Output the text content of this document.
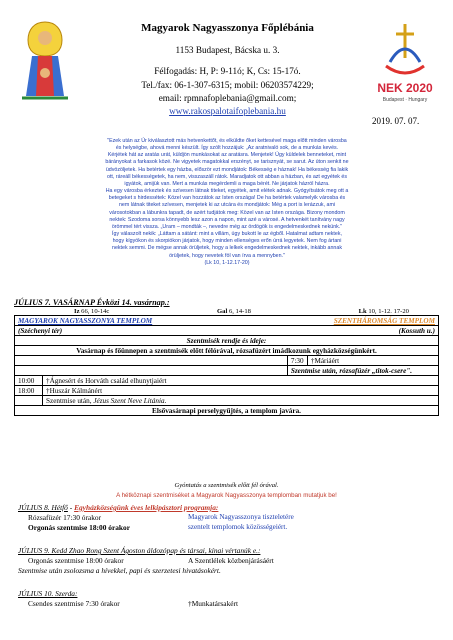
Magyarok Nagyasszonya Főplébánia
1153 Budapest, Bácska u. 3.
Félfogadás: H, P: 9-11ó; K, Cs: 15-17ó.
Tel./fax: 06-1-307-6315; mobil: 06203574229;
email: rpmnafoplebania@gmail.com;
www.rakospalotaifoplebania.hu
NEK 2020
Budapest · Hungary
2019. 07. 07.

"Ezek után az Úr kiválasztott más hetvenkettőt, és elküldte őket kettesével maga előtt minden városba

és helységbe, ahová menni készült. Így szólt hozzájuk: „Az aratnivaló sok, de a munkás kevés.

Kérjétek hát az aratás urát, küldjön munkásokat az aratásra. Menjetek! Úgy küldelek benneteket, mint

bárányokat a farkasok közé. Ne vigyetek magatokkal erszényt, se tarisznyát, se sarut. Az úton senkit ne

üdvözöljetek. Ha betértek egy házba, először ezt mondjátok: Békesség e háznak! Ha békesség fia lakik

ott, ráreáll békességetek, ha nem, visszaszáll rátok. Maradjatok ott abban a házban, és azt egyétek és

igyátok, amijük van. Mert a munkás megérdemli a maga bérét. Ne járjatok házról házra.

Ha egy városba érkeztek és szívesen látnak titeket, egyétek, amit elétek adnak. Gyógyítsátok meg ott a

betegeket s hirdessétek: Közel van hozzátok az Isten országa! De ha betértek valamelyik városba és

nem látnak titeket szívesen, menjetek ki az utcára és mondjátok: Még a port is lerázzuk, ami

városotokban a lábunkra tapadt, de azért tudjátok meg: Közel van az Isten országa. Bizony mondom

nektek: Szodoma sorsa könnyebb lesz azon a napon, mint azé a városé. A hetvenkét tanítvány nagy

örömmel tért vissza. „Uram – mondták –, nevedre még az ördögök is engedelmeskednek nekünk."

Így válaszolt nekik: „Láttam a sátánt: mint a villám, úgy bukott le az égből. Hatalmat adtam nektek,

hogy kígyókon és skorpiókon járjatok, hogy minden ellenséges erőn úrrá legyetek. Nem fog ártani

nektek semmi. De mégse annak örüljetek, hogy a lelkek engedelmeskednek nektek, inkább annak

örüljetek, hogy nevetek föl van írva a mennyben."

(Lk 10, 1-12.17-20)

JÚLIUS 7. VASÁRNAP Évközi 14. vasárnap.:
Iz 66, 10-14c	Gal 6, 14-18	Lk 10, 1-12. 17-20
MAGYAROK NAGYASSZONYA TEMPLOM			SZENTHÁROMSÁG TEMPLOM
(Széchenyi tér)			(Kossuth u.)
Szentmisék rendje és ideje:			
Vasárnap és főünnepen a szentmisék előtt félórával, rózsafüzért imádkozunk egyházközségünkért.			
		7:30	†Máriáért
		Szentmise után, rózsafüzér „titok-csere".	
10:00	†Ágnesért és Horváth család elhunytjaiért		
18:00	†Huszár Kálmánért		
	Szentmise után, Jézus Szent Neve Litánia.		
Elsővasárnapi perselygyűjtés, a templom javára.			
Gyóntatás a szentmisék előtt fél órával.
A hétköznapi szentmiséket a Magyarok Nagyasszonya templomban mutatjuk be!
JÚLIUS 8. Hétfő - Egyházközségünk éves lelkipásztori programja:
Rózsafüzér 17:30 órakor	Magyarok Nagyasszonya tiszteletére
Orgonás szentmise 18:00 órakor	szentelt templomok közösségeiért.
JÚLIUS 9. Kedd Zhao Rong Szent Ágoston áldozópap és társai, kínai vértanúk e.:
Orgonás szentmise 18:00 órakor	A Szentlélek közbenjárásáért
Szentmise után zsolozsma a hívekkel, papi és szerzetesi hivatásokért.
JÚLIUS 10. Szerda:
Csendes szentmise 7:30 órakor	†Munkatársakért
